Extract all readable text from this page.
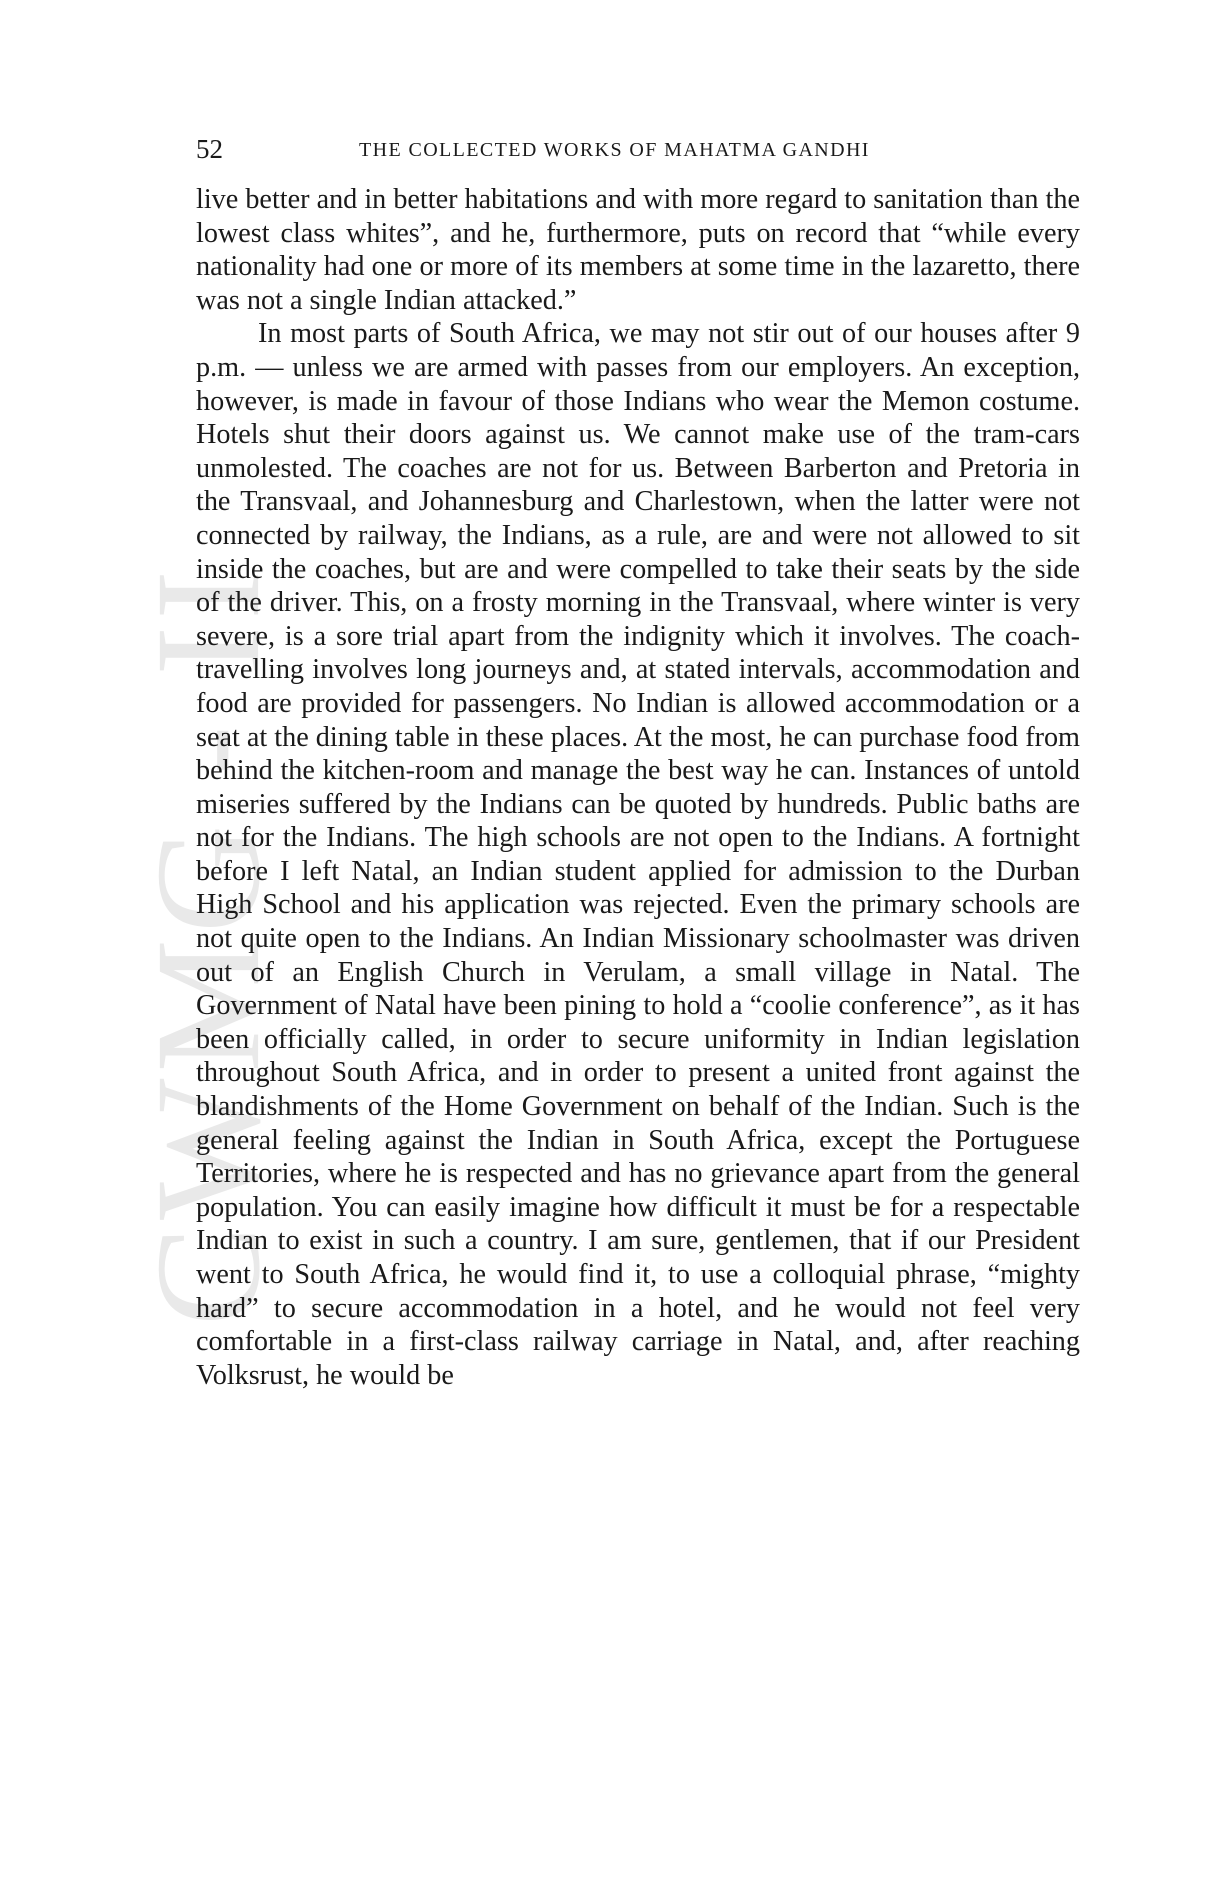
CWMG - II
52	THE COLLECTED WORKS OF MAHATMA GANDHI

live better and in better habitations and with more regard to sanitation than the lowest class whites”, and he, furthermore, puts on record that “while every nationality had one or more of its members at some time in the lazaretto, there was not a single Indian attacked.”

In most parts of South Africa, we may not stir out of our houses after 9 p.m. — unless we are armed with passes from our employers. An exception, however, is made in favour of those Indians who wear the Memon costume. Hotels shut their doors against us. We cannot make use of the tram-cars unmolested. The coaches are not for us. Between Barberton and Pretoria in the Transvaal, and Johannesburg and Charlestown, when the latter were not connected by railway, the Indians, as a rule, are and were not allowed to sit inside the coaches, but are and were compelled to take their seats by the side of the driver. This, on a frosty morning in the Transvaal, where winter is very severe, is a sore trial apart from the indignity which it involves. The coach-travelling involves long journeys and, at stated intervals, accommodation and food are provided for passengers. No Indian is allowed accommodation or a seat at the dining table in these places. At the most, he can purchase food from behind the kitchen-room and manage the best way he can. Instances of untold miseries suffered by the Indians can be quoted by hundreds. Public baths are not for the Indians. The high schools are not open to the Indians. A fortnight before I left Natal, an Indian student applied for admission to the Durban High School and his application was rejected. Even the primary schools are not quite open to the Indians. An Indian Missionary schoolmaster was driven out of an English Church in Verulam, a small village in Natal. The Government of Natal have been pining to hold a “coolie conference”, as it has been officially called, in order to secure uniformity in Indian legislation throughout South Africa, and in order to present a united front against the blandishments of the Home Government on behalf of the Indian. Such is the general feeling against the Indian in South Africa, except the Portuguese Territories, where he is respected and has no grievance apart from the general population. You can easily imagine how difficult it must be for a respectable Indian to exist in such a country. I am sure, gentlemen, that if our President went to South Africa, he would find it, to use a colloquial phrase, “mighty hard” to secure accommodation in a hotel, and he would not feel very comfortable in a first-class railway carriage in Natal, and, after reaching Volksrust, he would be
